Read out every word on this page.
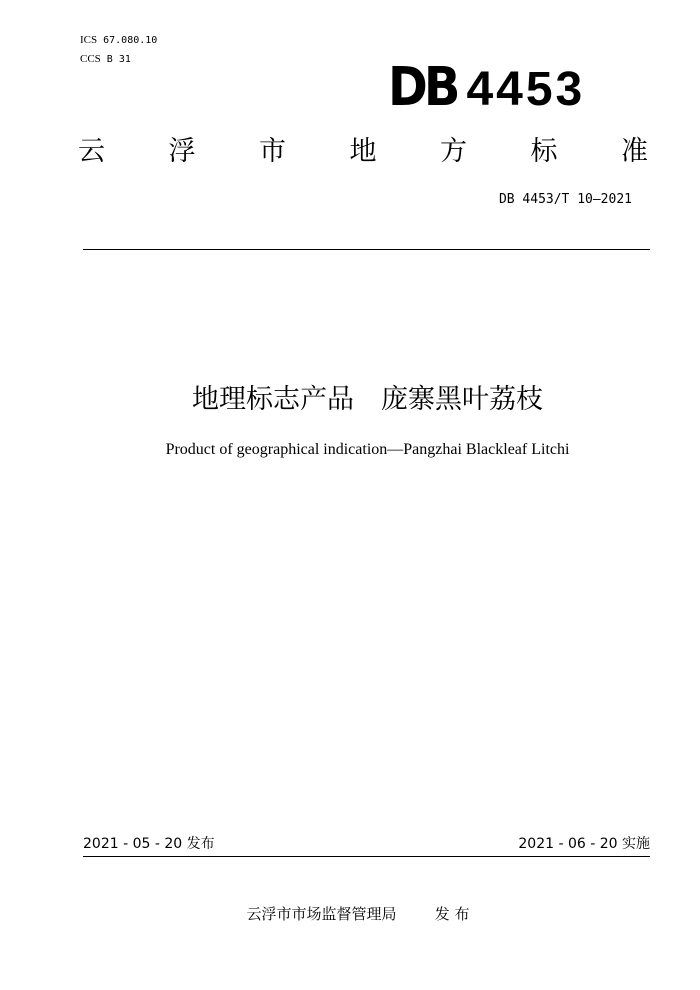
ICS 67.080.10
CCS B 31	DB 4453
云 浮 市 地 方 标 准
DB 4453/T 10—2021
地理标志产品　庞寨黑叶荔枝
Product of geographical indication—Pangzhai Blackleaf Litchi
2021 - 05 - 20 发布	2021 - 06 - 20 实施
云浮市市场监督管理局	发 布
